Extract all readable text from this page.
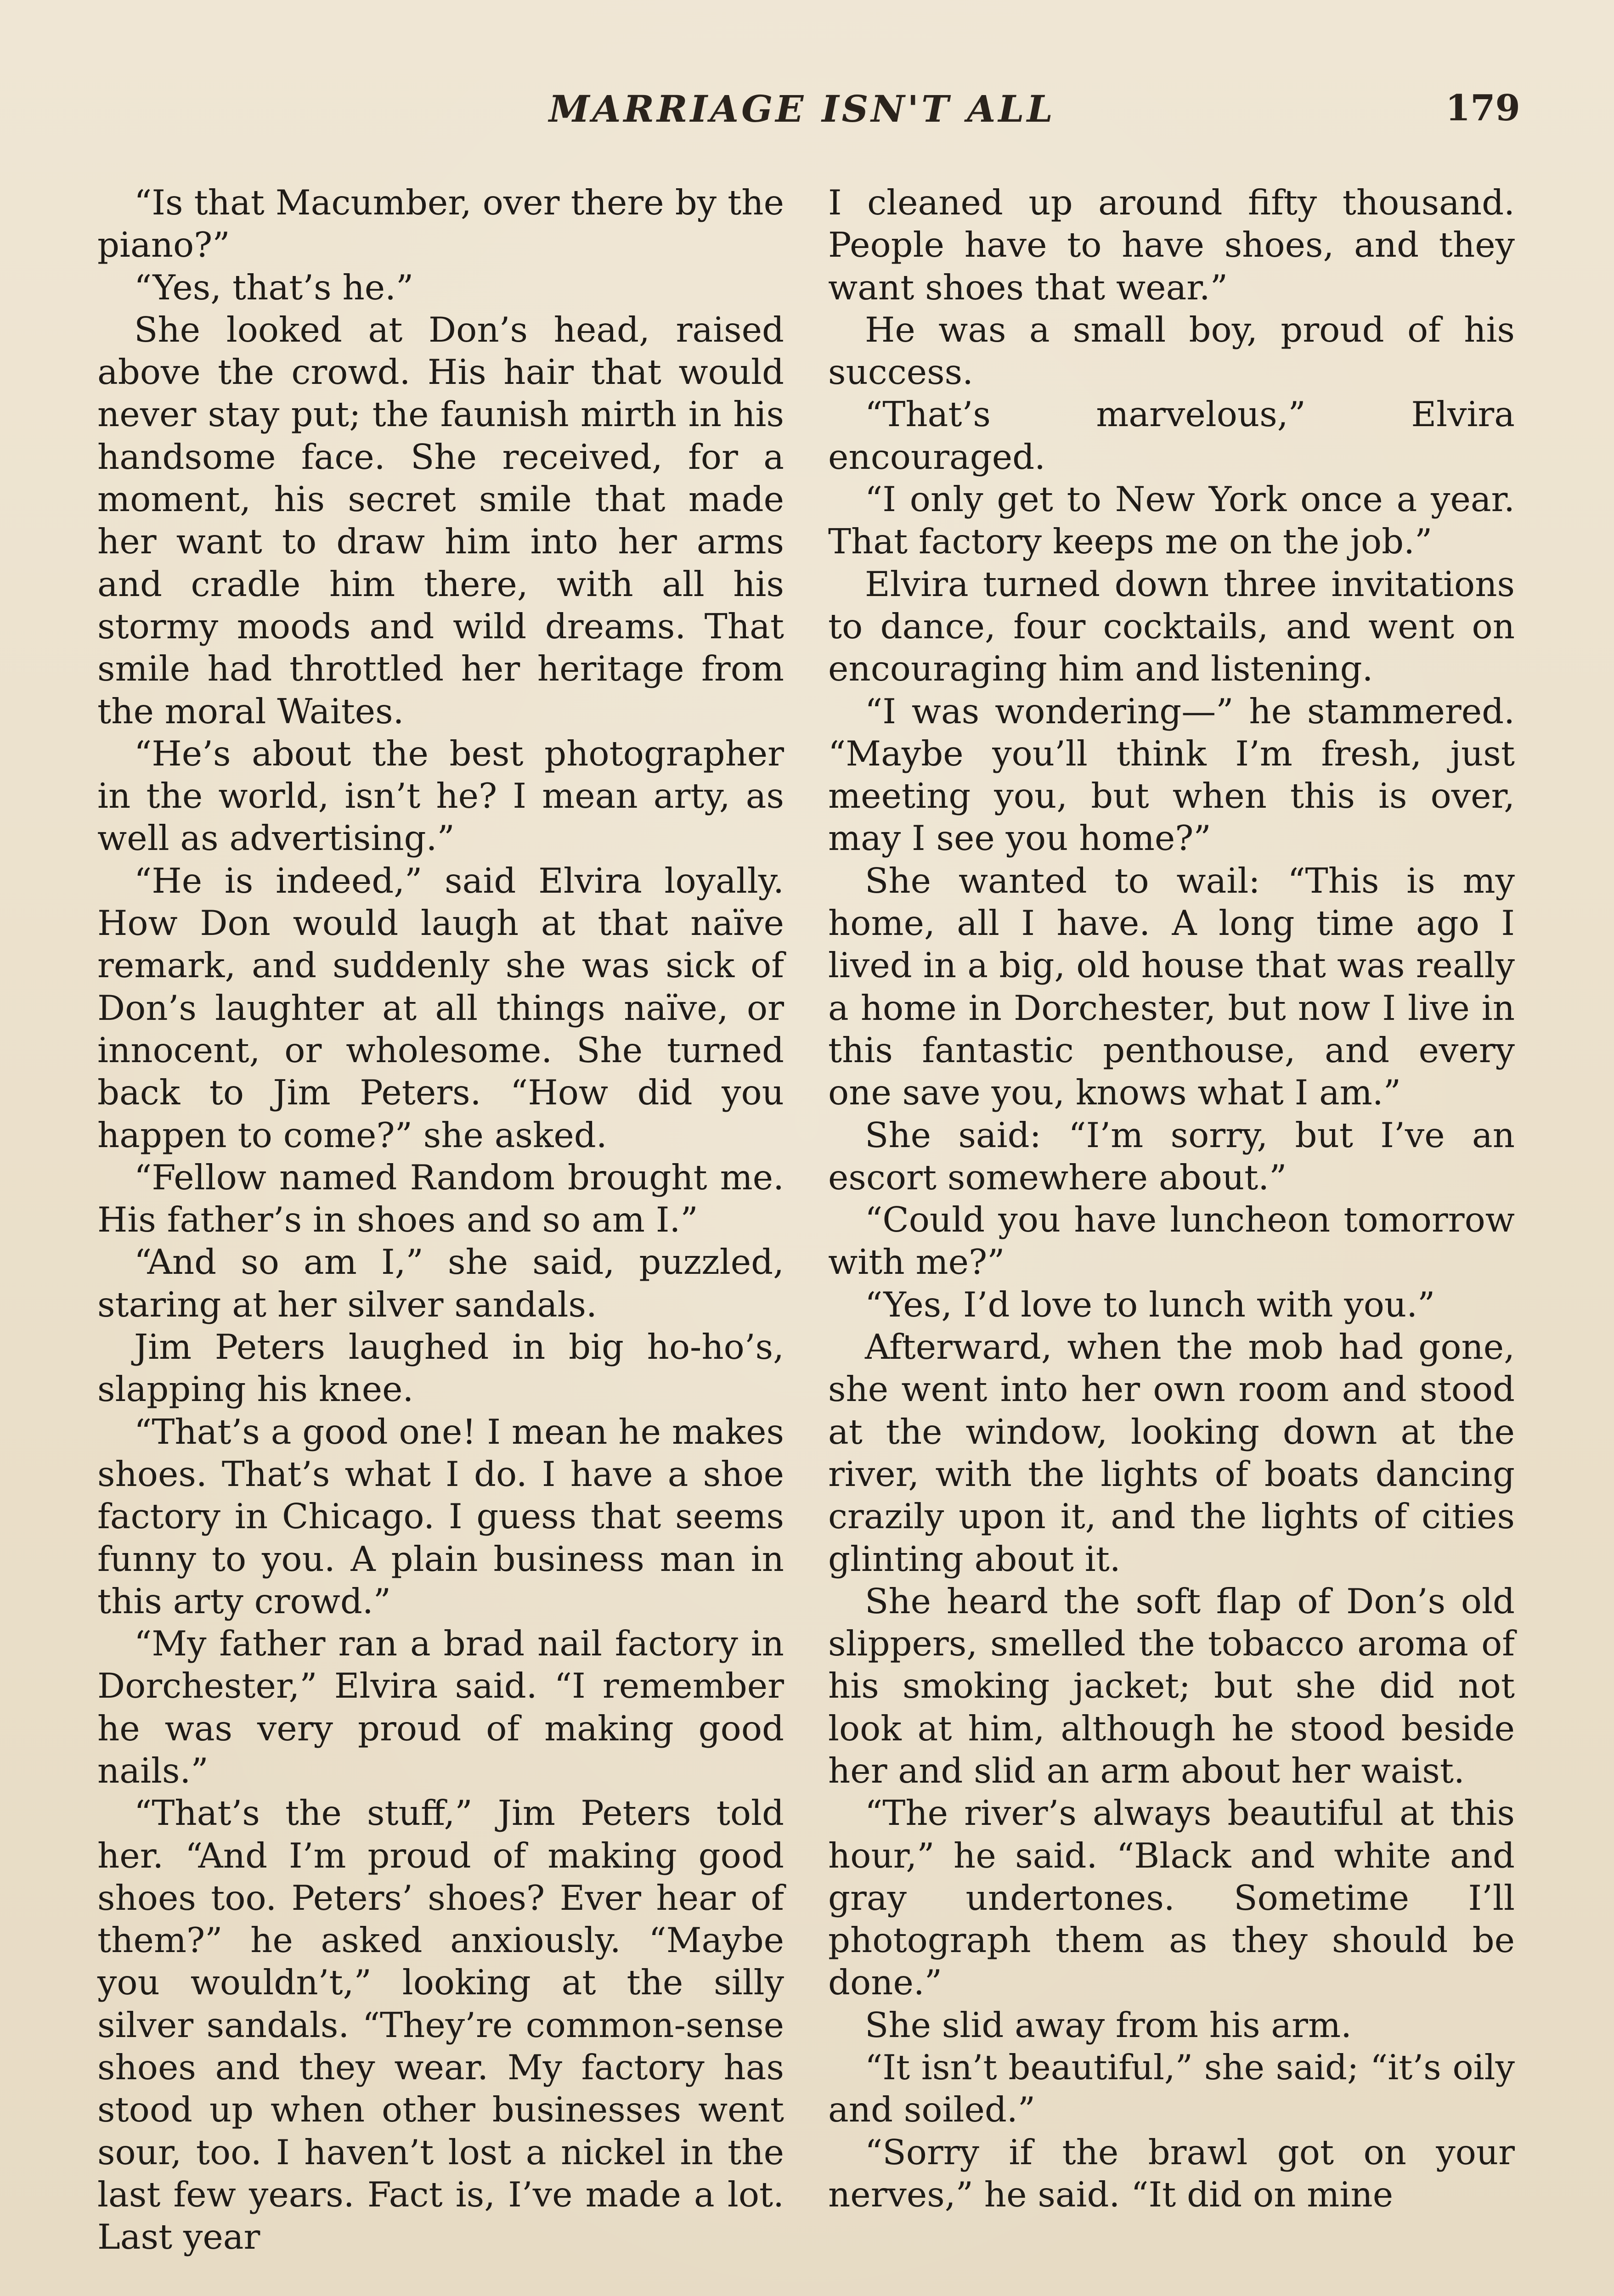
MARRIAGE ISN'T ALL	179

“Is that Macumber, over there by the piano?”

“Yes, that’s he.”

She looked at Don’s head, raised above the crowd. His hair that would never stay put; the faunish mirth in his handsome face. She received, for a moment, his secret smile that made her want to draw him into her arms and cradle him there, with all his stormy moods and wild dreams. That smile had throttled her heritage from the moral Waites.

“He’s about the best photographer in the world, isn’t he? I mean arty, as well as advertising.”

“He is indeed,” said Elvira loyally. How Don would laugh at that naïve remark, and suddenly she was sick of Don’s laughter at all things naïve, or innocent, or wholesome. She turned back to Jim Peters. “How did you happen to come?” she asked.

“Fellow named Random brought me. His father’s in shoes and so am I.”

“And so am I,” she said, puzzled, staring at her silver sandals.

Jim Peters laughed in big ho-ho’s, slapping his knee.

“That’s a good one! I mean he makes shoes. That’s what I do. I have a shoe factory in Chicago. I guess that seems funny to you. A plain business man in this arty crowd.”

“My father ran a brad nail factory in Dorchester,” Elvira said. “I remember he was very proud of making good nails.”

“That’s the stuff,” Jim Peters told her. “And I’m proud of making good shoes too. Peters’ shoes? Ever hear of them?” he asked anxiously. “Maybe you wouldn’t,” looking at the silly silver sandals. “They’re common-sense shoes and they wear. My factory has stood up when other businesses went sour, too. I haven’t lost a nickel in the last few years. Fact is, I’ve made a lot. Last year

I cleaned up around fifty thousand. People have to have shoes, and they want shoes that wear.”

He was a small boy, proud of his success.

“That’s marvelous,” Elvira encouraged.

“I only get to New York once a year. That factory keeps me on the job.”

Elvira turned down three invitations to dance, four cocktails, and went on encouraging him and listening.

“I was wondering—” he stammered. “Maybe you’ll think I’m fresh, just meeting you, but when this is over, may I see you home?”

She wanted to wail: “This is my home, all I have. A long time ago I lived in a big, old house that was really a home in Dorchester, but now I live in this fantastic penthouse, and every one save you, knows what I am.”

She said: “I’m sorry, but I’ve an escort somewhere about.”

“Could you have luncheon tomorrow with me?”

“Yes, I’d love to lunch with you.”

Afterward, when the mob had gone, she went into her own room and stood at the window, looking down at the river, with the lights of boats dancing crazily upon it, and the lights of cities glinting about it.

She heard the soft flap of Don’s old slippers, smelled the tobacco aroma of his smoking jacket; but she did not look at him, although he stood beside her and slid an arm about her waist.

“The river’s always beautiful at this hour,” he said. “Black and white and gray undertones. Sometime I’ll photograph them as they should be done.”

She slid away from his arm.

“It isn’t beautiful,” she said; “it’s oily and soiled.”

“Sorry if the brawl got on your nerves,” he said. “It did on mine
